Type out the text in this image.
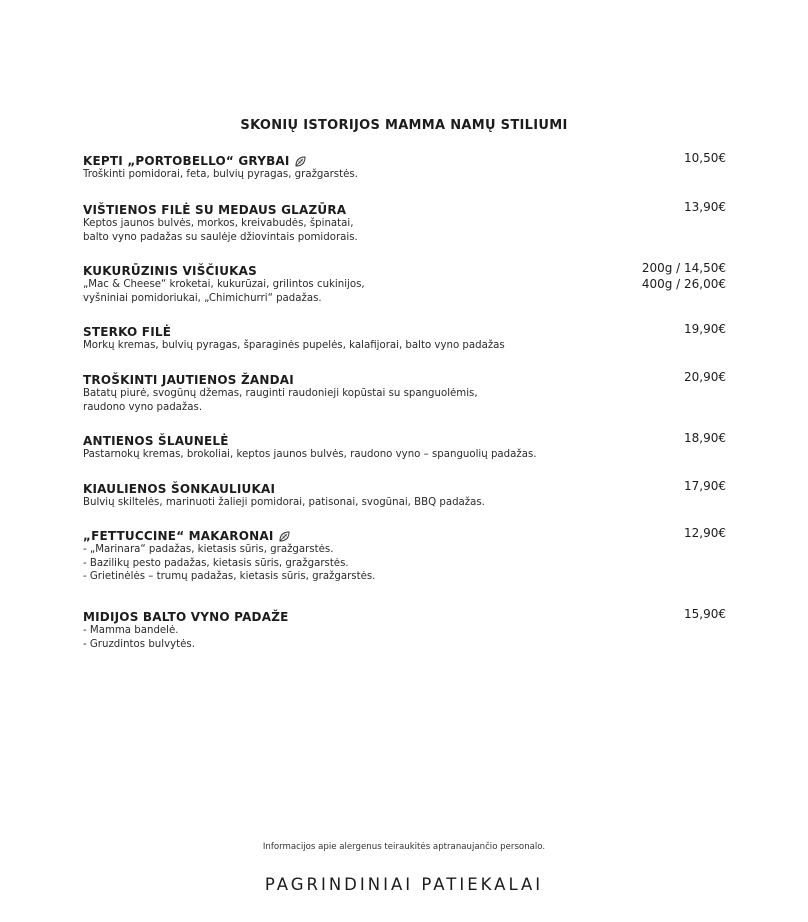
SKONIŲ ISTORIJOS MAMMA NAMŲ STILIUMI
KEPTI „PORTOBELLO“ GRYBAI	10,50€
Troškinti pomidorai, feta, bulvių pyragas, gražgarstės.
VIŠTIENOS FILĖ SU MEDAUS GLAZŪRA	13,90€
Keptos jaunos bulvės, morkos, kreivabudės, špinatai,
balto vyno padažas su saulėje džiovintais pomidorais.
KUKURŪZINIS VIŠČIUKAS	200g / 14,50€
400g / 26,00€
„Mac & Cheese“ kroketai, kukurūzai, grilintos cukinijos,
vyšniniai pomidoriukai, „Chimichurri“ padažas.
STERKO FILĖ	19,90€
Morkų kremas, bulvių pyragas, šparaginės pupelės, kalafijorai, balto vyno padažas
TROŠKINTI JAUTIENOS ŽANDAI	20,90€
Batatų piurė, svogūnų džemas, rauginti raudonieji kopūstai su spanguolėmis,
raudono vyno padažas.
ANTIENOS ŠLAUNELĖ	18,90€
Pastarnokų kremas, brokoliai, keptos jaunos bulvės, raudono vyno – spanguolių padažas.
KIAULIENOS ŠONKAULIUKAI	17,90€
Bulvių skiltelės, marinuoti žalieji pomidorai, patisonai, svogūnai, BBQ padažas.
„FETTUCCINE“ MAKARONAI	12,90€
- „Marinara“ padažas, kietasis sūris, gražgarstės.
- Bazilikų pesto padažas, kietasis sūris, gražgarstės.
- Grietinėlės – trumų padažas, kietasis sūris, gražgarstės.
MIDIJOS BALTO VYNO PADAŽE	15,90€
- Mamma bandelė.
- Gruzdintos bulvytės.
Informacijos apie alergenus teiraukitės aptranaujančio personalo.
PAGRINDINIAI PATIEKALAI
